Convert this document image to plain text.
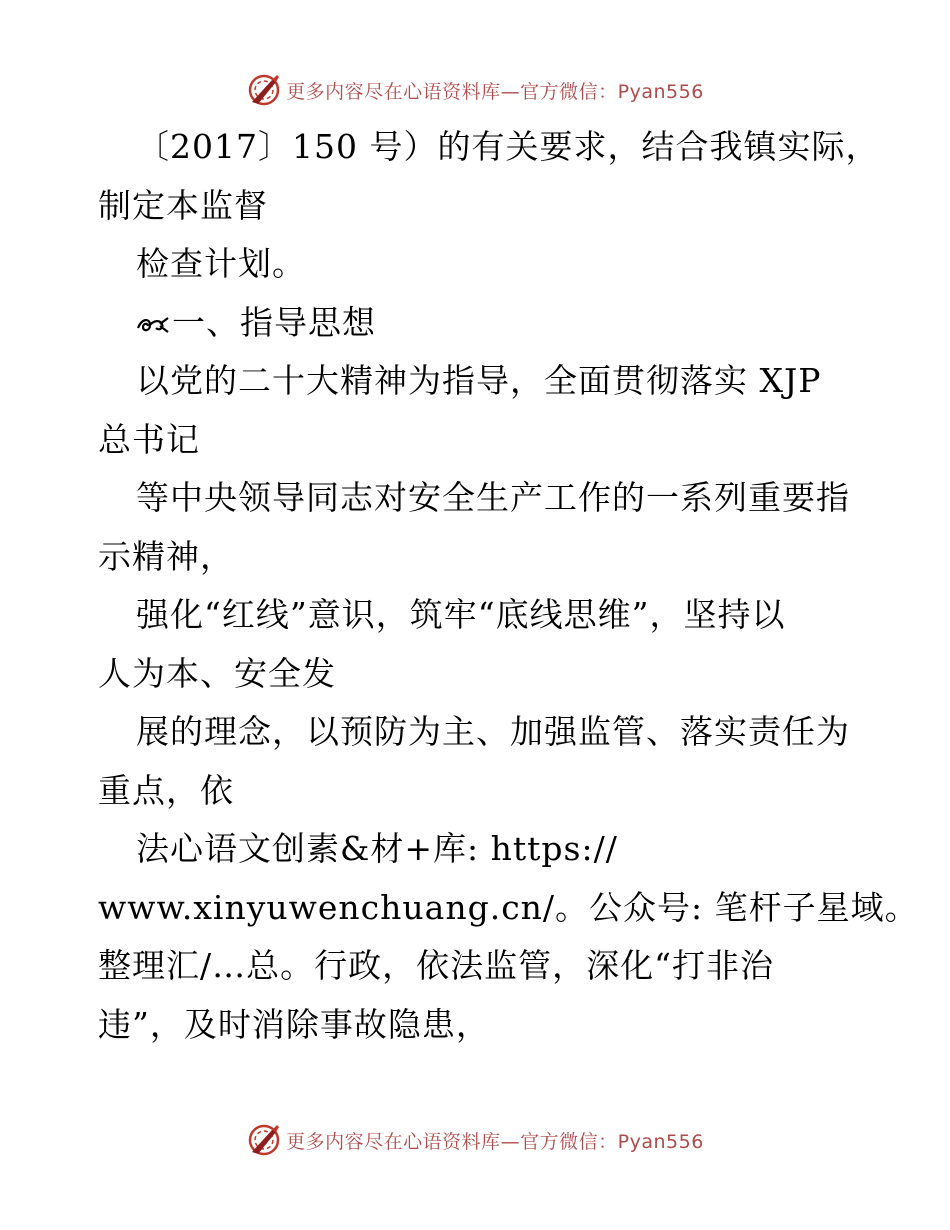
更多内容尽在心语资料库—官方微信：Pyan556
〔2017〕150 号）的有关要求，结合我镇实际，
制定本监督
检查计划。
一、指导思想
以党的二十大精神为指导，全面贯彻落实 XJP
总书记
等中央领导同志对安全生产工作的一系列重要指
示精神，
强化“红线”意识，筑牢“底线思维”，坚持以
人为本、安全发
展的理念，以预防为主、加强监管、落实责任为
重点，依
法心语文创素&材+库: https://
www.xinyuwenchuang.cn/。公众号: 笔杆子星域。
整理汇/…总。行政，依法监管，深化“打非治
违”，及时消除事故隐患，
更多内容尽在心语资料库—官方微信：Pyan556
